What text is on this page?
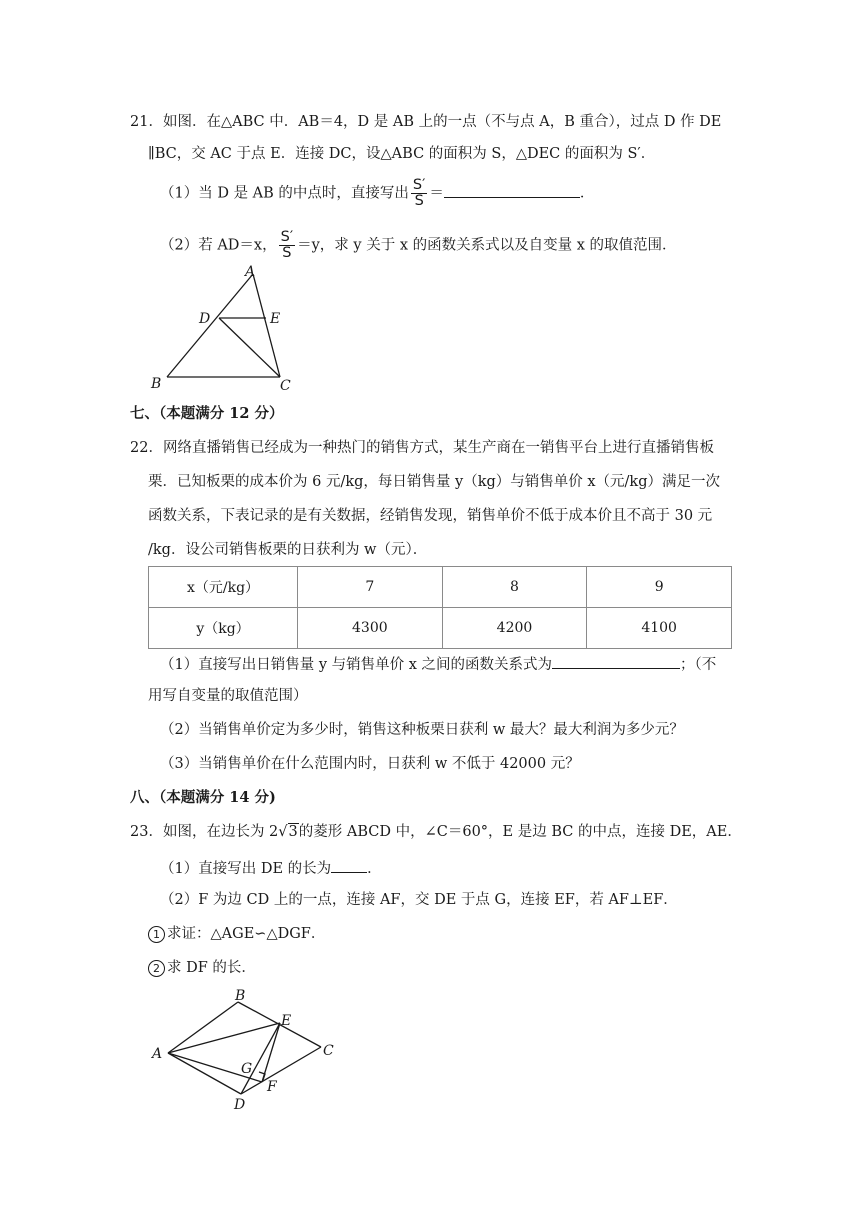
21．如图．在△ABC 中．AB＝4，D 是 AB 上的一点（不与点 A，B 重合），过点 D 作 DE
∥BC，交 AC 于点 E．连接 DC，设△ABC 的面积为 S，△DEC 的面积为 S′．
（1）当 D 是 AB 的中点时，直接写出 $\frac{S'}{S}$ ＝	．
（2）若 AD＝x， $\frac{S'}{S} =y$，求 y 关于 x 的函数关系式以及自变量 x 的取值范围．
A
D	E
B	C
七、（本题满分 12 分）
22．网络直播销售已经成为一种热门的销售方式，某生产商在一销售平台上进行直播销售板
栗．已知板栗的成本价为 6 元/kg，每日销售量 y（kg）与销售单价 x（元/kg）满足一次
函数关系，下表记录的是有关数据，经销售发现，销售单价不低于成本价且不高于 30 元
/kg．设公司销售板栗的日获利为 w（元）．
x（元/kg）	7	8	9
y（kg）	4300	4200	4100
（1）直接写出日销售量 y 与销售单价 x 之间的函数关系式为	；（不
用写自变量的取值范围）
（2）当销售单价定为多少时，销售这种板栗日获利 w 最大？最大利润为多少元？
（3）当销售单价在什么范围内时，日获利 w 不低于 42000 元？
八、（本题满分 14 分)
23．如图，在边长为 2√3的菱形 ABCD 中，∠C＝60°，E 是边 BC 的中点，连接 DE，AE．
（1）直接写出 DE 的长为 ．
（2）F 为边 CD 上的一点，连接 AF，交 DE 于点 G，连接 EF，若 AF⊥EF．
1 求证：△AGE∽△DGF．
2 求 DF 的长．
B
E
C
A
G
F
D
